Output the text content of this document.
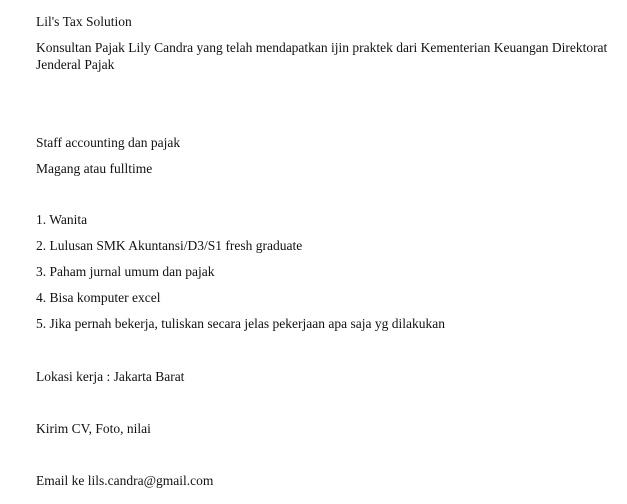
Lil's Tax Solution
Konsultan Pajak Lily Candra yang telah mendapatkan ijin praktek dari Kementerian Keuangan Direktorat Jenderal Pajak
Staff accounting dan pajak
Magang atau fulltime
1. Wanita
2. Lulusan SMK Akuntansi/D3/S1 fresh graduate
3. Paham jurnal umum dan pajak
4. Bisa komputer excel
5. Jika pernah bekerja, tuliskan secara jelas pekerjaan apa saja yg dilakukan
Lokasi kerja : Jakarta Barat
Kirim CV, Foto, nilai
Email ke lils.candra@gmail.com
